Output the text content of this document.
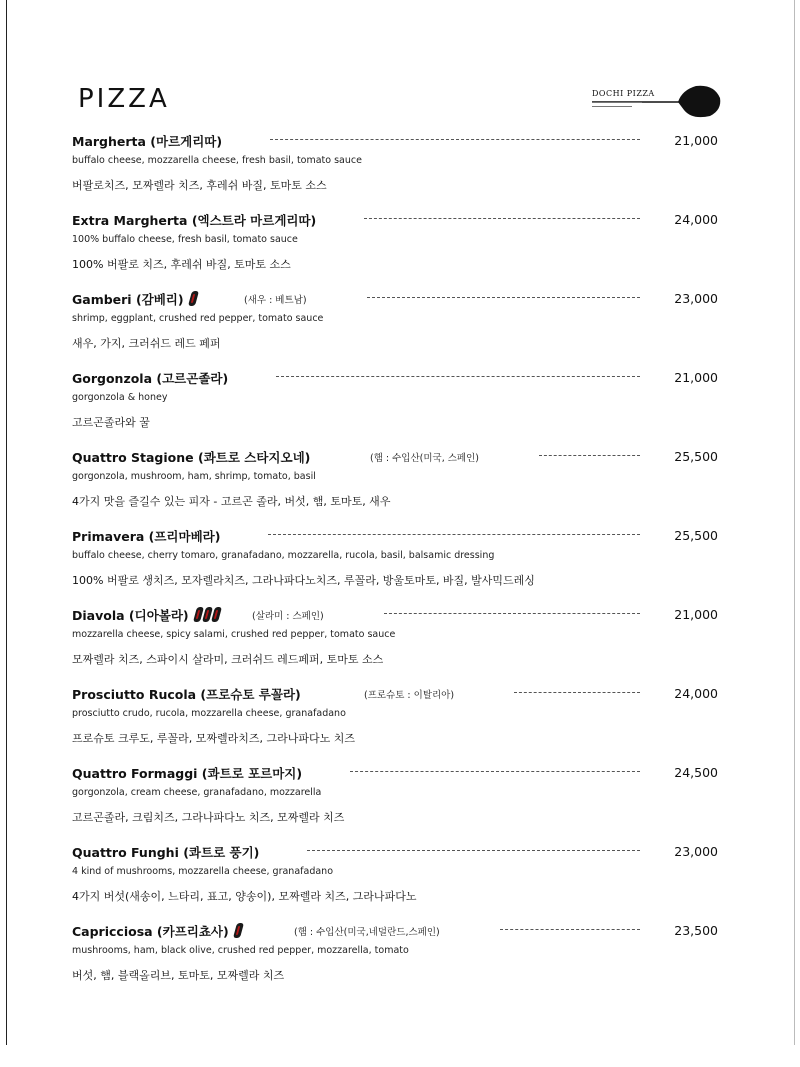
PIZZA	DOCHI PIZZA
Margherta (마르게리따)	21,000
buffalo cheese, mozzarella cheese, fresh basil, tomato sauce
버팔로치즈, 모짜렐라 치즈, 후레쉬 바질, 토마토 소스
Extra Margherta (엑스트라 마르게리따)	24,000
100% buffalo cheese, fresh basil, tomato sauce
100% 버팔로 치즈, 후레쉬 바질, 토마토 소스
Gamberi (감베리)	(새우 : 베트남)	23,000
shrimp, eggplant, crushed red pepper, tomato sauce
새우, 가지, 크러쉬드 레드 페퍼
Gorgonzola (고르곤졸라)	21,000
gorgonzola & honey
고르곤졸라와 꿀
Quattro Stagione (콰트로 스타지오네)	(햄 : 수입산(미국, 스페인)	25,500
gorgonzola, mushroom, ham, shrimp, tomato, basil
4가지 맛을 즐길수 있는 피자 - 고르곤 졸라, 버섯, 햄, 토마토, 새우
Primavera (프리마베라)	25,500
buffalo cheese, cherry tomaro, granafadano, mozzarella, rucola, basil, balsamic dressing
100% 버팔로 생치즈, 모자렐라치즈, 그라나파다노치즈, 루꼴라, 방울토마토, 바질, 발사믹드레싱
Diavola (디아볼라)	(살라미 : 스페인)	21,000
mozzarella cheese, spicy salami, crushed red pepper, tomato sauce
모짜렐라 치즈, 스파이시 살라미, 크러쉬드 레드페퍼, 토마토 소스
Prosciutto Rucola (프로슈토 루꼴라)	(프로슈토 : 이탈리아)	24,000
prosciutto crudo, rucola, mozzarella cheese, granafadano
프로슈토 크루도, 루꼴라, 모짜렐라치즈, 그라나파다노 치즈
Quattro Formaggi (콰트로 포르마지)	24,500
gorgonzola, cream cheese, granafadano, mozzarella
고르곤졸라, 크림치즈, 그라나파다노 치즈, 모짜렐라 치즈
Quattro Funghi (콰트로 풍기)	23,000
4 kind of mushrooms, mozzarella cheese, granafadano
4가지 버섯(새송이, 느타리, 표고, 양송이), 모짜렐라 치즈, 그라나파다노
Capricciosa (카프리쵸사)	(햄 : 수입산(미국,네덜란드,스페인)	23,500
mushrooms, ham, black olive, crushed red pepper, mozzarella, tomato
버섯, 햄, 블랙올리브, 토마토, 모짜렐라 치즈
